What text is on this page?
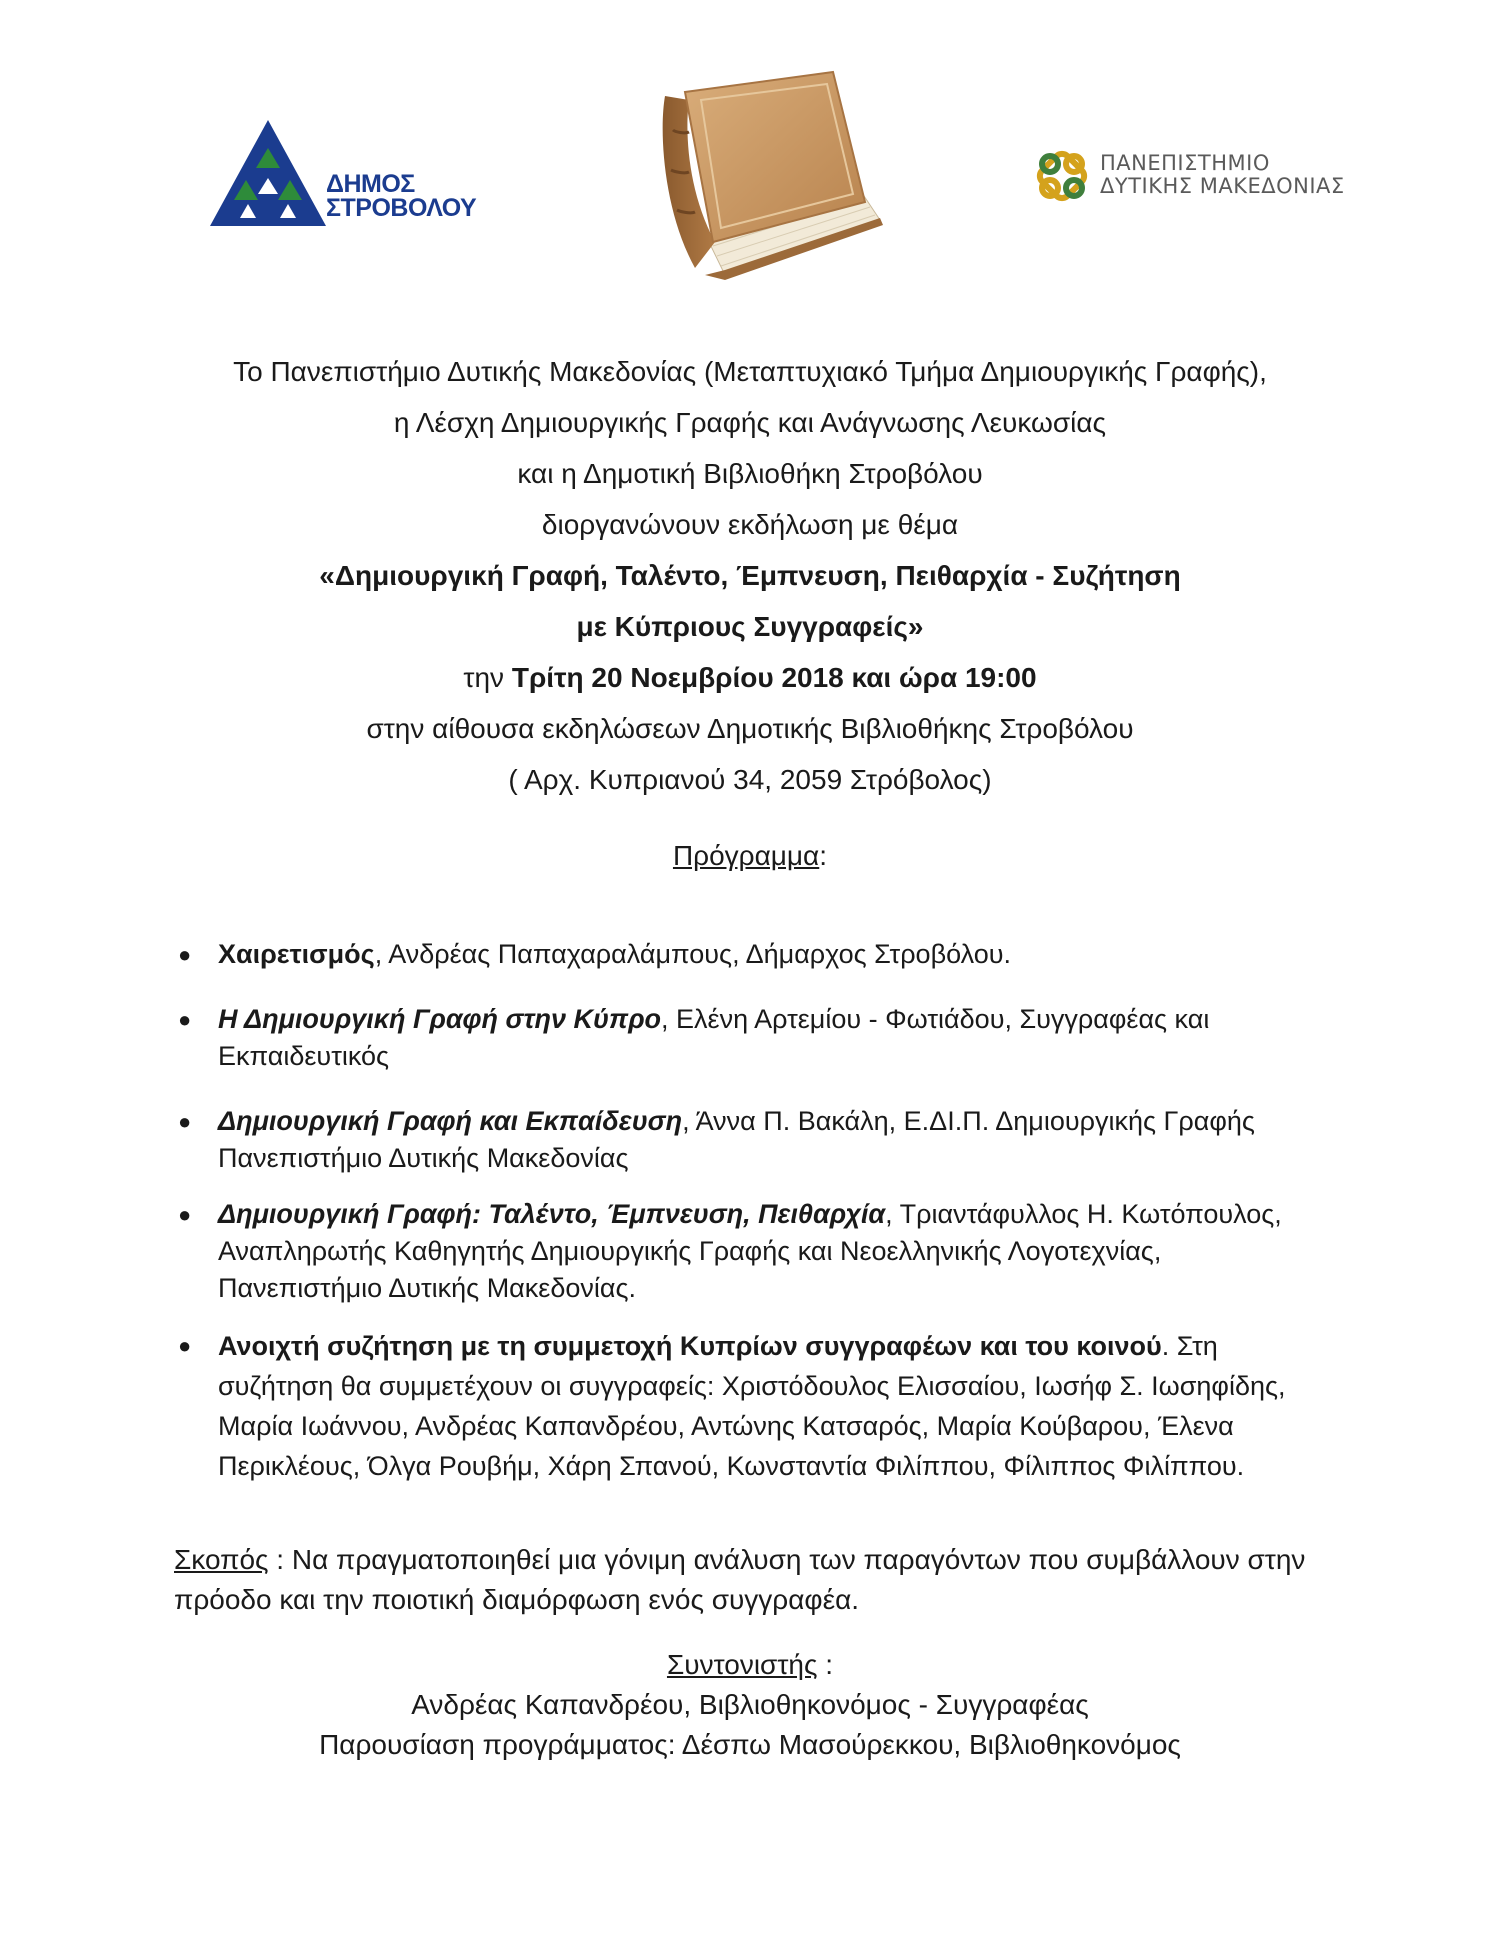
ΔΗΜΟΣ
ΣΤΡΟΒΟΛΟΥ
ΠΑΝΕΠΙΣΤΗΜΙΟ
ΔΥΤΙΚΗΣ ΜΑΚΕΔΟΝΙΑΣ
Το Πανεπιστήμιο Δυτικής Μακεδονίας (Μεταπτυχιακό Τμήμα Δημιουργικής Γραφής),
η Λέσχη Δημιουργικής Γραφής και Ανάγνωσης Λευκωσίας
και η Δημοτική Βιβλιοθήκη Στροβόλου
διοργανώνουν εκδήλωση με θέμα
«Δημιουργική Γραφή, Ταλέντο, Έμπνευση, Πειθαρχία - Συζήτηση
με Κύπριους Συγγραφείς»
την Τρίτη 20 Νοεμβρίου 2018 και ώρα 19:00
στην αίθουσα εκδηλώσεων Δημοτικής Βιβλιοθήκης Στροβόλου
( Αρχ. Κυπριανού 34, 2059 Στρόβολος)
Πρόγραμμα:
● Χαιρετισμός, Ανδρέας Παπαχαραλάμπους, Δήμαρχος Στροβόλου.
● Η Δημιουργική Γραφή στην Κύπρο, Ελένη Αρτεμίου - Φωτιάδου, Συγγραφέας και Εκπαιδευτικός
● Δημιουργική Γραφή και Εκπαίδευση, Άννα Π. Βακάλη, Ε.ΔΙ.Π. Δημιουργικής Γραφής Πανεπιστήμιο Δυτικής Μακεδονίας
● Δημιουργική Γραφή: Ταλέντο, Έμπνευση, Πειθαρχία, Τριαντάφυλλος Η. Κωτόπουλος, Αναπληρωτής Καθηγητής Δημιουργικής Γραφής και Νεοελληνικής Λογοτεχνίας, Πανεπιστήμιο Δυτικής Μακεδονίας.
● Ανοιχτή συζήτηση με τη συμμετοχή Κυπρίων συγγραφέων και του κοινού. Στη συζήτηση θα συμμετέχουν οι συγγραφείς: Χριστόδουλος Ελισσαίου, Ιωσήφ Σ. Ιωσηφίδης, Μαρία Ιωάννου, Ανδρέας Καπανδρέου, Αντώνης Κατσαρός, Μαρία Κούβαρου, Έλενα Περικλέους, Όλγα Ρουβήμ, Χάρη Σπανού, Κωνσταντία Φιλίππου, Φίλιππος Φιλίππου.
Σκοπός : Να πραγματοποιηθεί μια γόνιμη ανάλυση των παραγόντων που συμβάλλουν στην πρόοδο και την ποιοτική διαμόρφωση ενός συγγραφέα.
Συντονιστής :
Ανδρέας Καπανδρέου, Βιβλιοθηκονόμος - Συγγραφέας
Παρουσίαση προγράμματος: Δέσπω Μασούρεκκου, Βιβλιοθηκονόμος
